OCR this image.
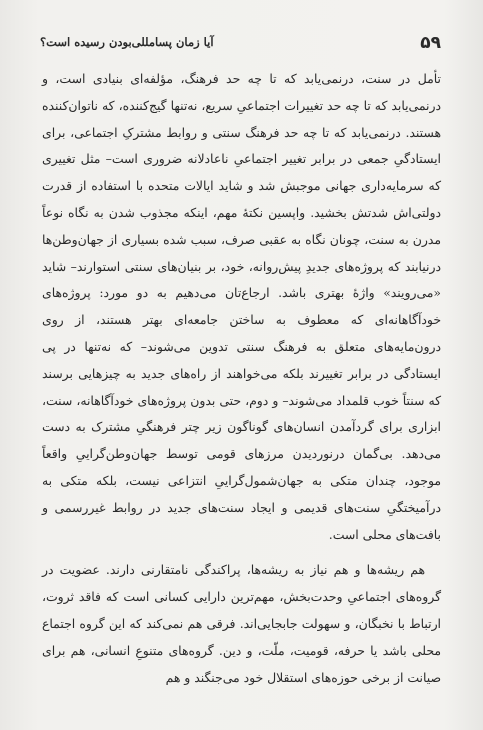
۵۹
آیا زمان پسامللی‌بودن رسیده است؟

تأمل در سنت، درنمی‌یابد که تا چه حد فرهنگ، مؤلفه‌ای بنیادی است، و درنمی‌یابد که تا چه حد تغییرات اجتماعیِ سریع، نه‌تنها گیج‌کننده، که ناتوان‌کننده هستند. درنمی‌یابد که تا چه حد فرهنگ سنتی و روابط مشترکِ اجتماعی، برای ایستادگیِ جمعی در برابر تغییر اجتماعیِ ناعادلانه ضروری است– مثل تغییری که سرمایه‌داری جهانی موجبش شد و شاید ایالات متحده با استفاده از قدرت دولتی‌اش شدتش بخشید. واپسین نکتهٔ مهم، اینکه مجذوب شدن به نگاه نوعاً مدرن به سنت، چونان نگاه به عقبی صرف، سبب شده بسیاری از جهان‌وطن‌ها درنیابند که پروژه‌های جدیدِ پیش‌روانه، خود، بر بنیان‌های سنتی استوارند– شاید «می‌رویند» واژهٔ بهتری باشد. ارجاع‌تان می‌دهیم به دو مورد: پروژه‌های خودآگاهانه‌ای که معطوف به ساختن جامعه‌ای بهتر هستند، از روی درون‌مایه‌های متعلق به فرهنگ سنتی تدوین می‌شوند– که نه‌تنها در پی ایستادگی در برابر تغییرند بلکه می‌خواهند از راه‌های جدید به چیزهایی برسند که سنتاً خوب قلمداد می‌شوند– و دوم، حتی بدون پروژه‌های خودآگاهانه، سنت، ابزاری برای گردآمدن انسان‌های گوناگون زیر چتر فرهنگیِ مشترک به دست می‌دهد. بی‌گمان درنوردیدن مرزهای قومی توسط جهان‌وطن‌گراییِ واقعاً موجود، چندان متکی به جهان‌شمول‌گراییِ انتزاعی نیست، بلکه متکی به درآمیختگیِ سنت‌های قدیمی و ایجاد سنت‌های جدید در روابط غیررسمی و بافت‌های محلی است.

هم ریشه‌ها و هم نیاز به ریشه‌ها، پراکندگی نامتقارنی دارند. عضویت در گروه‌های اجتماعیِ وحدت‌بخش، مهم‌ترین دارایی کسانی است که فاقد ثروت، ارتباط با نخبگان، و سهولت جابجایی‌اند. فرقی هم نمی‌کند که این گروه اجتماع محلی باشد یا حرفه، قومیت، ملّت، و دین. گروه‌های متنوعِ انسانی، هم برای صیانت از برخی حوزه‌های استقلال خود می‌جنگند و هم
